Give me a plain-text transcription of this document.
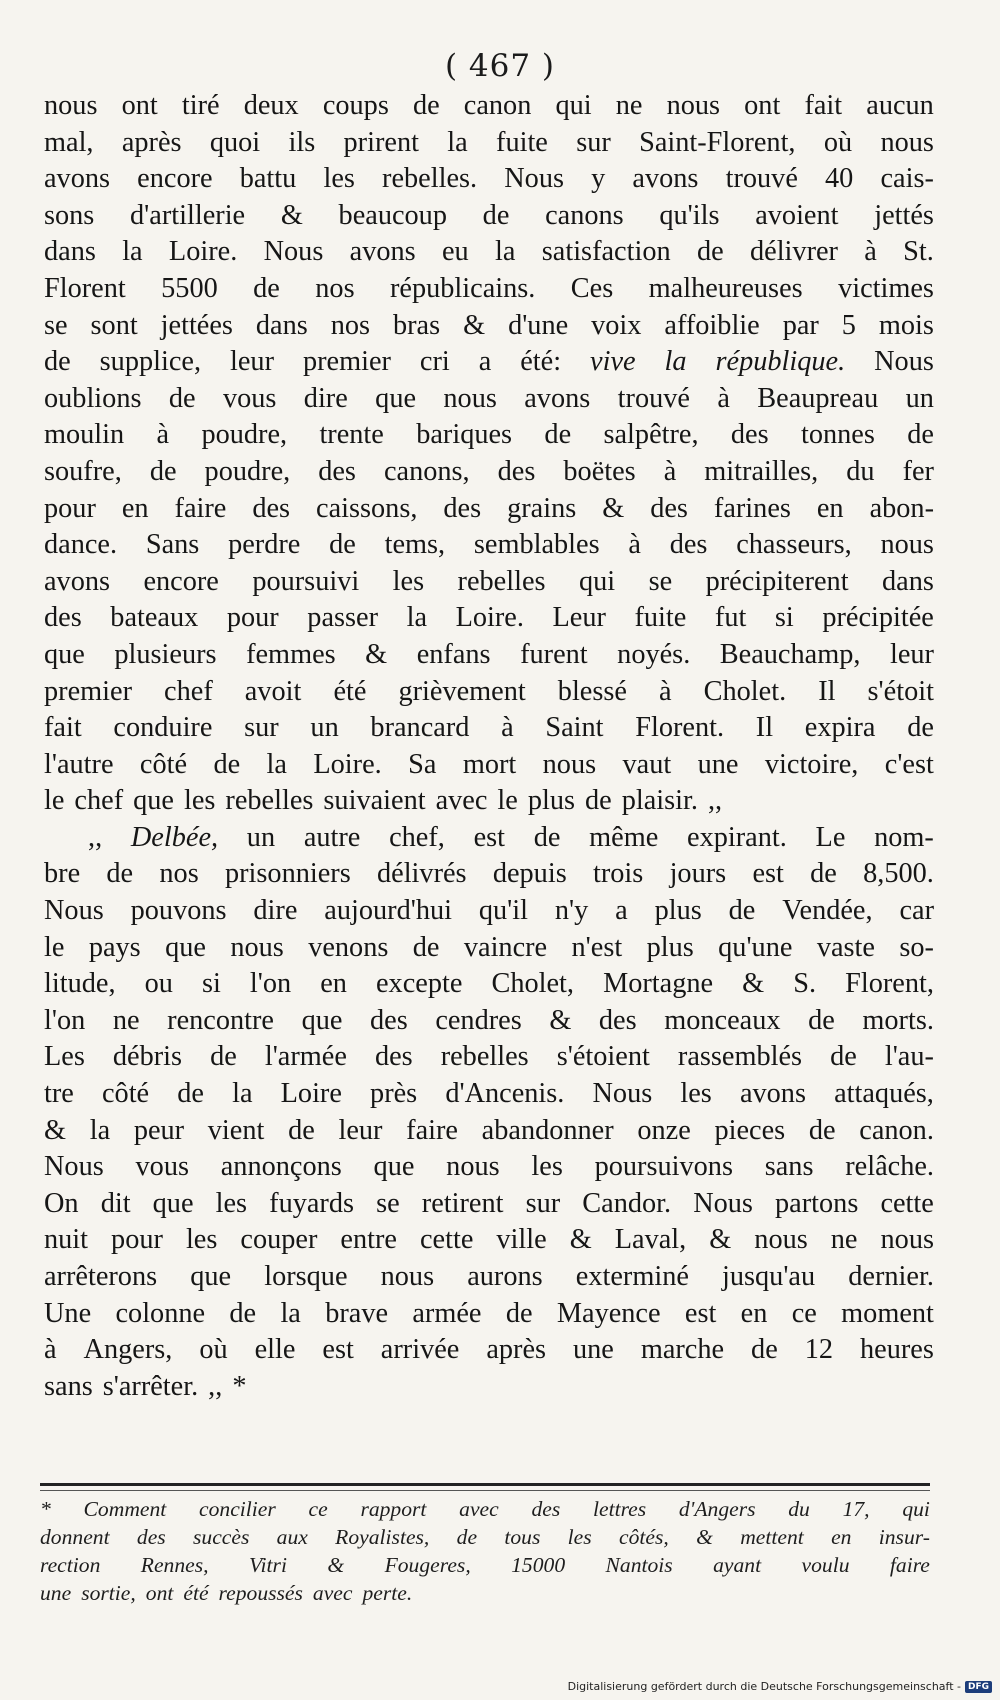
( 467 )
nous ont tiré deux coups de canon qui ne nous ont fait aucun
mal, après quoi ils prirent la fuite sur Saint-Florent, où nous
avons encore battu les rebelles. Nous y avons trouvé 40 cais-
sons d'artillerie & beaucoup de canons qu'ils avoient jettés
dans la Loire. Nous avons eu la satisfaction de délivrer à St.
Florent 5500 de nos républicains. Ces malheureuses victimes
se sont jettées dans nos bras & d'une voix affoiblie par 5 mois
de supplice, leur premier cri a été: vive la république. Nous
oublions de vous dire que nous avons trouvé à Beaupreau un
moulin à poudre, trente bariques de salpêtre, des tonnes de
soufre, de poudre, des canons, des boëtes à mitrailles, du fer
pour en faire des caissons, des grains & des farines en abon-
dance. Sans perdre de tems, semblables à des chasseurs, nous
avons encore poursuivi les rebelles qui se précipiterent dans
des bateaux pour passer la Loire. Leur fuite fut si précipitée
que plusieurs femmes & enfans furent noyés. Beauchamp, leur
premier chef avoit été grièvement blessé à Cholet. Il s'étoit
fait conduire sur un brancard à Saint Florent. Il expira de
l'autre côté de la Loire. Sa mort nous vaut une victoire, c'est
le chef que les rebelles suivaient avec le plus de plaisir. ,,
,, Delbée, un autre chef, est de même expirant. Le nom-
bre de nos prisonniers délivrés depuis trois jours est de 8,500.
Nous pouvons dire aujourd'hui qu'il n'y a plus de Vendée, car
le pays que nous venons de vaincre n'est plus qu'une vaste so-
litude, ou si l'on en excepte Cholet, Mortagne & S. Florent,
l'on ne rencontre que des cendres & des monceaux de morts.
Les débris de l'armée des rebelles s'étoient rassemblés de l'au-
tre côté de la Loire près d'Ancenis. Nous les avons attaqués,
& la peur vient de leur faire abandonner onze pieces de canon.
Nous vous annonçons que nous les poursuivons sans relâche.
On dit que les fuyards se retirent sur Candor. Nous partons cette
nuit pour les couper entre cette ville & Laval, & nous ne nous
arrêterons que lorsque nous aurons exterminé jusqu'au dernier.
Une colonne de la brave armée de Mayence est en ce moment
à Angers, où elle est arrivée après une marche de 12 heures
sans s'arrêter. ,, *
* Comment concilier ce rapport avec des lettres d'Angers du 17, qui
donnent des succès aux Royalistes, de tous les côtés, & mettent en insur-
rection Rennes, Vitri & Fougeres, 15000 Nantois ayant voulu faire
une sortie, ont été repoussés avec perte.
Digitalisierung gefördert durch die Deutsche Forschungsgemeinschaft - DFG
